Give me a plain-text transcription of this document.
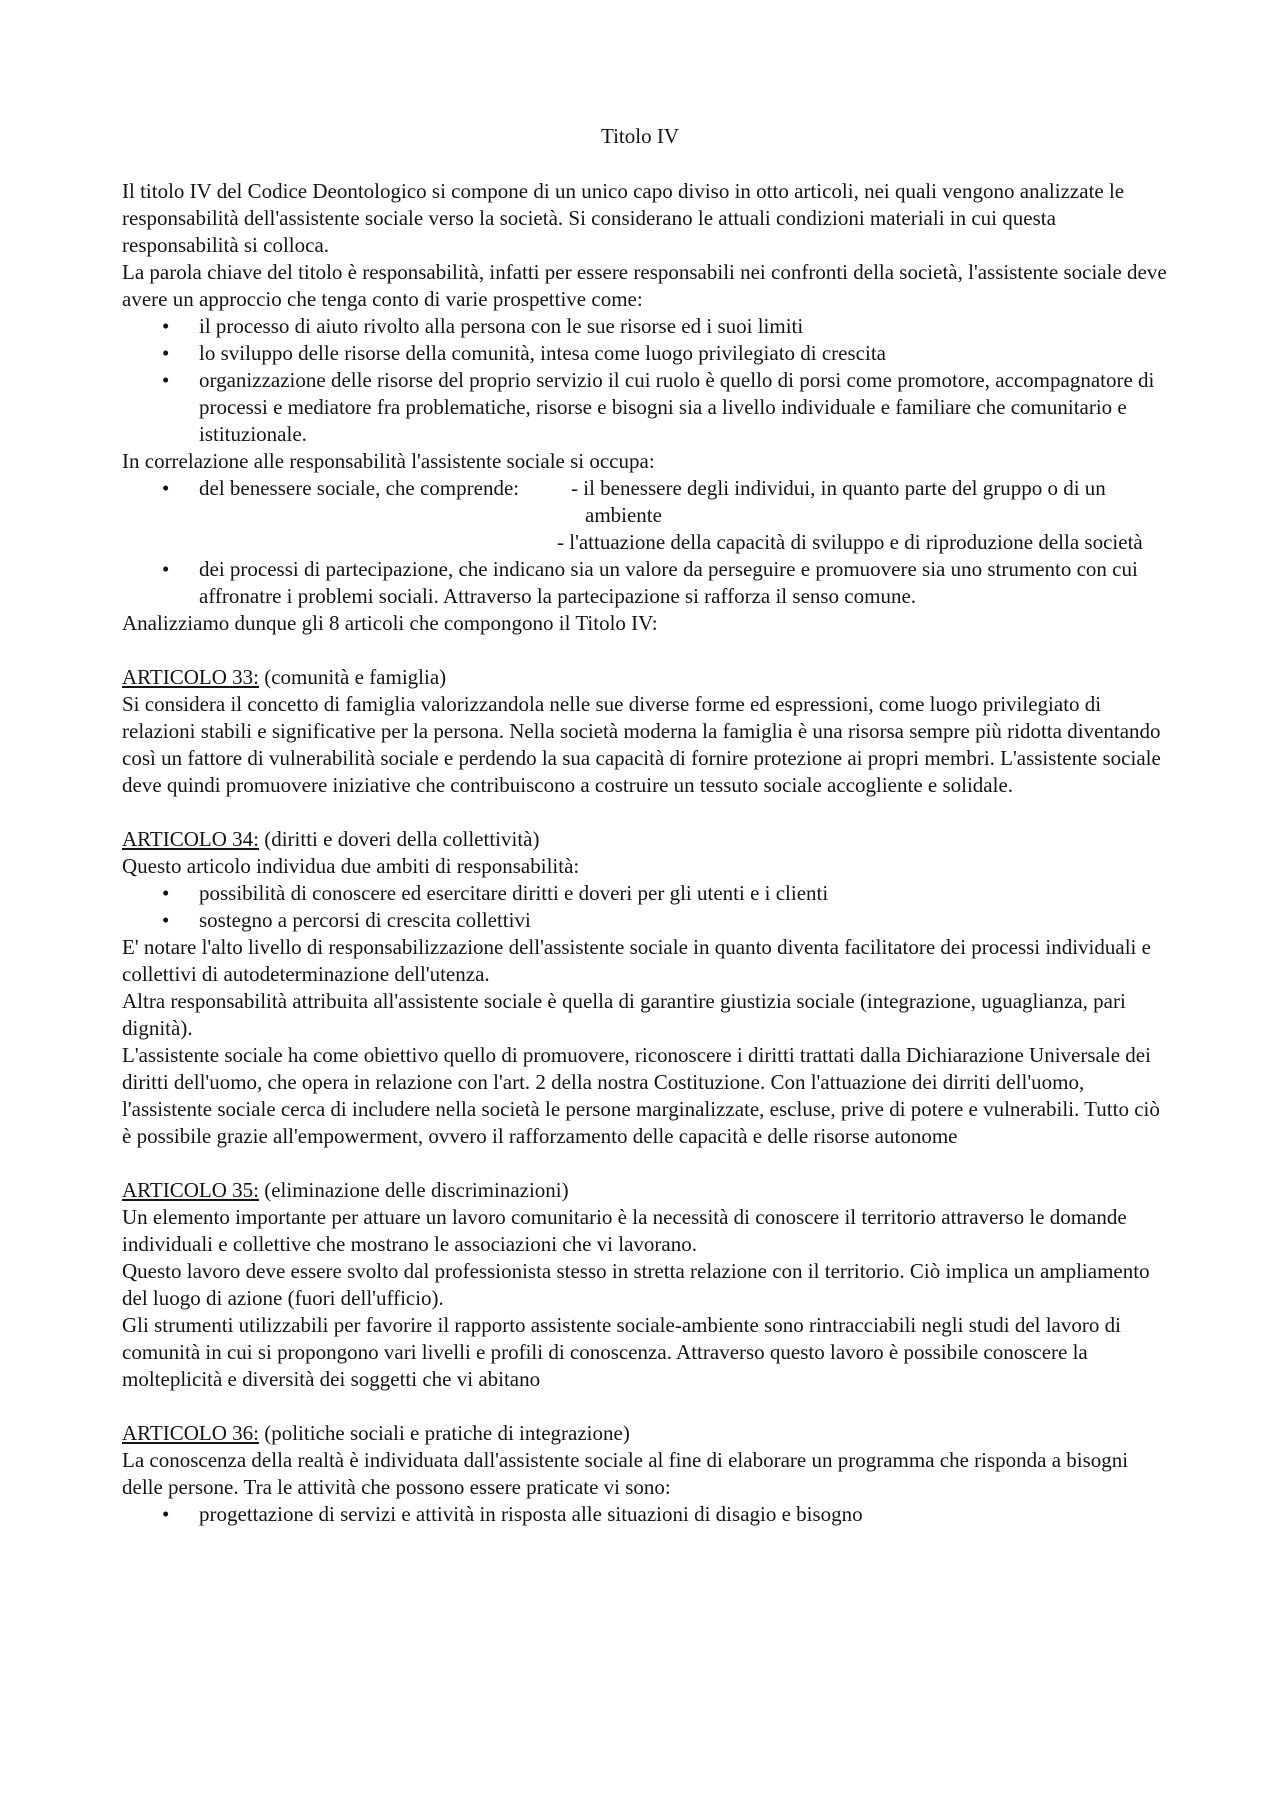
Titolo IV

Il titolo IV del Codice Deontologico si compone di un unico capo diviso in otto articoli, nei quali vengono analizzate le responsabilità dell'assistente sociale verso la società. Si considerano le attuali condizioni materiali in cui questa responsabilità si colloca.

La parola chiave del titolo è responsabilità, infatti per essere responsabili nei confronti della società, l'assistente sociale deve avere un approccio che tenga conto di varie prospettive come:

• il processo di aiuto rivolto alla persona con le sue risorse ed i suoi limiti
• lo sviluppo delle risorse della comunità, intesa come luogo privilegiato di crescita
• organizzazione delle risorse del proprio servizio il cui ruolo è quello di porsi come promotore, accompagnatore di processi e mediatore fra problematiche, risorse e bisogni sia a livello individuale e familiare che comunitario e istituzionale.

In correlazione alle responsabilità l'assistente sociale si occupa:

• del benessere sociale, che comprende:	- il benessere degli individui, in quanto parte del gruppo o di un ambiente
- l'attuazione della capacità di sviluppo e di riproduzione della società
• dei processi di partecipazione, che indicano sia un valore da perseguire e promuovere sia uno strumento con cui affronatre i problemi sociali. Attraverso la partecipazione si rafforza il senso comune.

Analizziamo dunque gli 8 articoli che compongono il Titolo IV:

ARTICOLO 33: (comunità e famiglia)

Si considera il concetto di famiglia valorizzandola nelle sue diverse forme ed espressioni, come luogo privilegiato di relazioni stabili e significative per la persona. Nella società moderna la famiglia è una risorsa sempre più ridotta diventando così un fattore di vulnerabilità sociale e perdendo la sua capacità di fornire protezione ai propri membri. L'assistente sociale deve quindi promuovere iniziative che contribuiscono a costruire un tessuto sociale accogliente e solidale.

ARTICOLO 34: (diritti e doveri della collettività)

Questo articolo individua due ambiti di responsabilità:

• possibilità di conoscere ed esercitare diritti e doveri per gli utenti e i clienti
• sostegno a percorsi di crescita collettivi

E' notare l'alto livello di responsabilizzazione dell'assistente sociale in quanto diventa facilitatore dei processi individuali e collettivi di autodeterminazione dell'utenza.

Altra responsabilità attribuita all'assistente sociale è quella di garantire giustizia sociale (integrazione, uguaglianza, pari dignità).

L'assistente sociale ha come obiettivo quello di promuovere, riconoscere i diritti trattati dalla Dichiarazione Universale dei diritti dell'uomo, che opera in relazione con l'art. 2 della nostra Costituzione. Con l'attuazione dei dirriti dell'uomo, l'assistente sociale cerca di includere nella società le persone marginalizzate, escluse, prive di potere e vulnerabili. Tutto ciò è possibile grazie all'empowerment, ovvero il rafforzamento delle capacità e delle risorse autonome

ARTICOLO 35: (eliminazione delle discriminazioni)

Un elemento importante per attuare un lavoro comunitario è la necessità di conoscere il territorio attraverso le domande individuali e collettive che mostrano le associazioni che vi lavorano.

Questo lavoro deve essere svolto dal professionista stesso in stretta relazione con il territorio. Ciò implica un ampliamento del luogo di azione (fuori dell'ufficio).

Gli strumenti utilizzabili per favorire il rapporto assistente sociale-ambiente sono rintracciabili negli studi del lavoro di comunità in cui si propongono vari livelli e profili di conoscenza. Attraverso questo lavoro è possibile conoscere la molteplicità e diversità dei soggetti che vi abitano

ARTICOLO 36: (politiche sociali e pratiche di integrazione)

La conoscenza della realtà è individuata dall'assistente sociale al fine di elaborare un programma che risponda a bisogni delle persone. Tra le attività che possono essere praticate vi sono:

• progettazione di servizi e attività in risposta alle situazioni di disagio e bisogno
